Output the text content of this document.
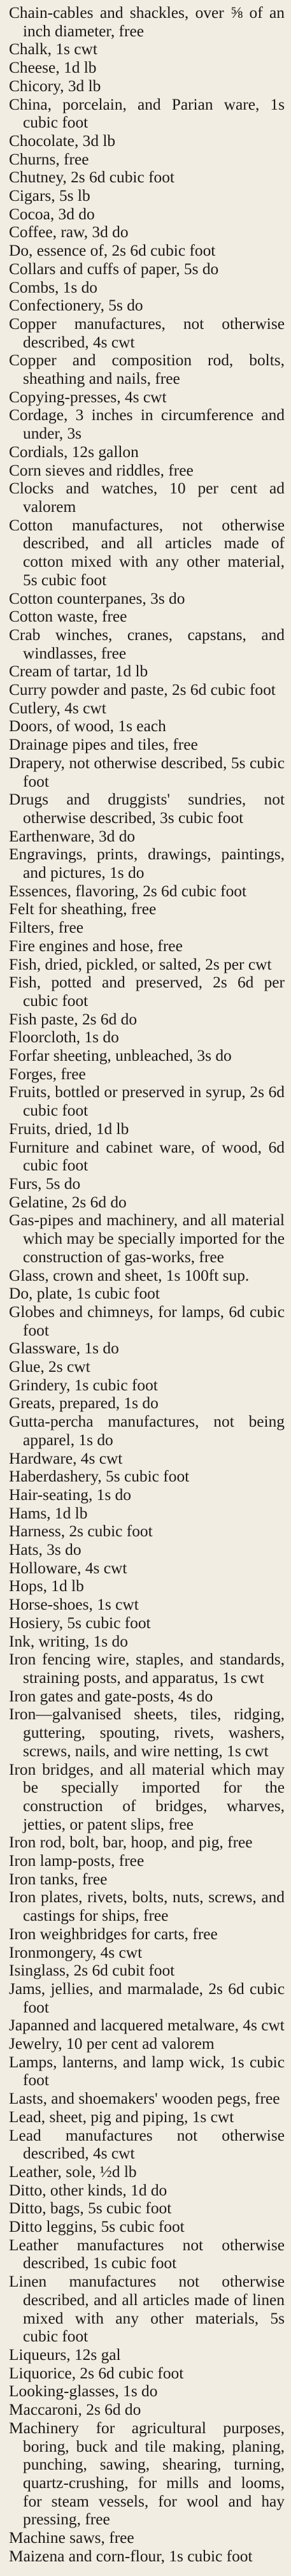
Chain-cables and shackles, over ⅝ of an inch diameter, free

Chalk, 1s cwt

Cheese, 1d lb

Chicory, 3d lb

China, porcelain, and Parian ware, 1s cubic foot

Chocolate, 3d lb

Churns, free

Chutney, 2s 6d cubic foot

Cigars, 5s lb

Cocoa, 3d do

Coffee, raw, 3d do

Do, essence of, 2s 6d cubic foot

Collars and cuffs of paper, 5s do

Combs, 1s do

Confectionery, 5s do

Copper manufactures, not otherwise described, 4s cwt

Copper and composition rod, bolts, sheathing and nails, free

Copying-presses, 4s cwt

Cordage, 3 inches in circumference and under, 3s

Cordials, 12s gallon

Corn sieves and riddles, free

Clocks and watches, 10 per cent ad valorem

Cotton manufactures, not otherwise described, and all articles made of cotton mixed with any other material, 5s cubic foot

Cotton counterpanes, 3s do

Cotton waste, free

Crab winches, cranes, capstans, and windlasses, free

Cream of tartar, 1d lb

Curry powder and paste, 2s 6d cubic foot

Cutlery, 4s cwt

Doors, of wood, 1s each

Drainage pipes and tiles, free

Drapery, not otherwise described, 5s cubic foot

Drugs and druggists' sundries, not otherwise described, 3s cubic foot

Earthenware, 3d do

Engravings, prints, drawings, paintings, and pictures, 1s do

Essences, flavoring, 2s 6d cubic foot

Felt for sheathing, free

Filters, free

Fire engines and hose, free

Fish, dried, pickled, or salted, 2s per cwt

Fish, potted and preserved, 2s 6d per cubic foot

Fish paste, 2s 6d do

Floorcloth, 1s do

Forfar sheeting, unbleached, 3s do

Forges, free

Fruits, bottled or preserved in syrup, 2s 6d cubic foot

Fruits, dried, 1d lb

Furniture and cabinet ware, of wood, 6d cubic foot

Furs, 5s do

Gelatine, 2s 6d do

Gas-pipes and machinery, and all material which may be specially imported for the construction of gas-works, free

Glass, crown and sheet, 1s 100ft sup.

Do, plate, 1s cubic foot

Globes and chimneys, for lamps, 6d cubic foot

Glassware, 1s do

Glue, 2s cwt

Grindery, 1s cubic foot

Greats, prepared, 1s do

Gutta-percha manufactures, not being apparel, 1s do

Hardware, 4s cwt

Haberdashery, 5s cubic foot

Hair-seating, 1s do

Hams, 1d lb

Harness, 2s cubic foot

Hats, 3s do

Holloware, 4s cwt

Hops, 1d lb

Horse-shoes, 1s cwt

Hosiery, 5s cubic foot

Ink, writing, 1s do

Iron fencing wire, staples, and standards, straining posts, and apparatus, 1s cwt

Iron gates and gate-posts, 4s do

Iron—galvanised sheets, tiles, ridging, guttering, spouting, rivets, washers, screws, nails, and wire netting, 1s cwt

Iron bridges, and all material which may be specially imported for the construction of bridges, wharves, jetties, or patent slips, free

Iron rod, bolt, bar, hoop, and pig, free

Iron lamp-posts, free

Iron tanks, free

Iron plates, rivets, bolts, nuts, screws, and castings for ships, free

Iron weighbridges for carts, free

Ironmongery, 4s cwt

Isinglass, 2s 6d cubit foot

Jams, jellies, and marmalade, 2s 6d cubic foot

Japanned and lacquered metalware, 4s cwt

Jewelry, 10 per cent ad valorem

Lamps, lanterns, and lamp wick, 1s cubic foot

Lasts, and shoemakers' wooden pegs, free

Lead, sheet, pig and piping, 1s cwt

Lead manufactures not otherwise described, 4s cwt

Leather, sole, ½d lb

Ditto, other kinds, 1d do

Ditto, bags, 5s cubic foot

Ditto leggins, 5s cubic foot

Leather manufactures not otherwise described, 1s cubic foot

Linen manufactures not otherwise described, and all articles made of linen mixed with any other materials, 5s cubic foot

Liqueurs, 12s gal

Liquorice, 2s 6d cubic foot

Looking-glasses, 1s do

Maccaroni, 2s 6d do

Machinery for agricultural purposes, boring, buck and tile making, planing, punching, sawing, shearing, turning, quartz-crushing, for mills and looms, for steam vessels, for wool and hay pressing, free

Machine saws, free

Maizena and corn-flour, 1s cubic foot
